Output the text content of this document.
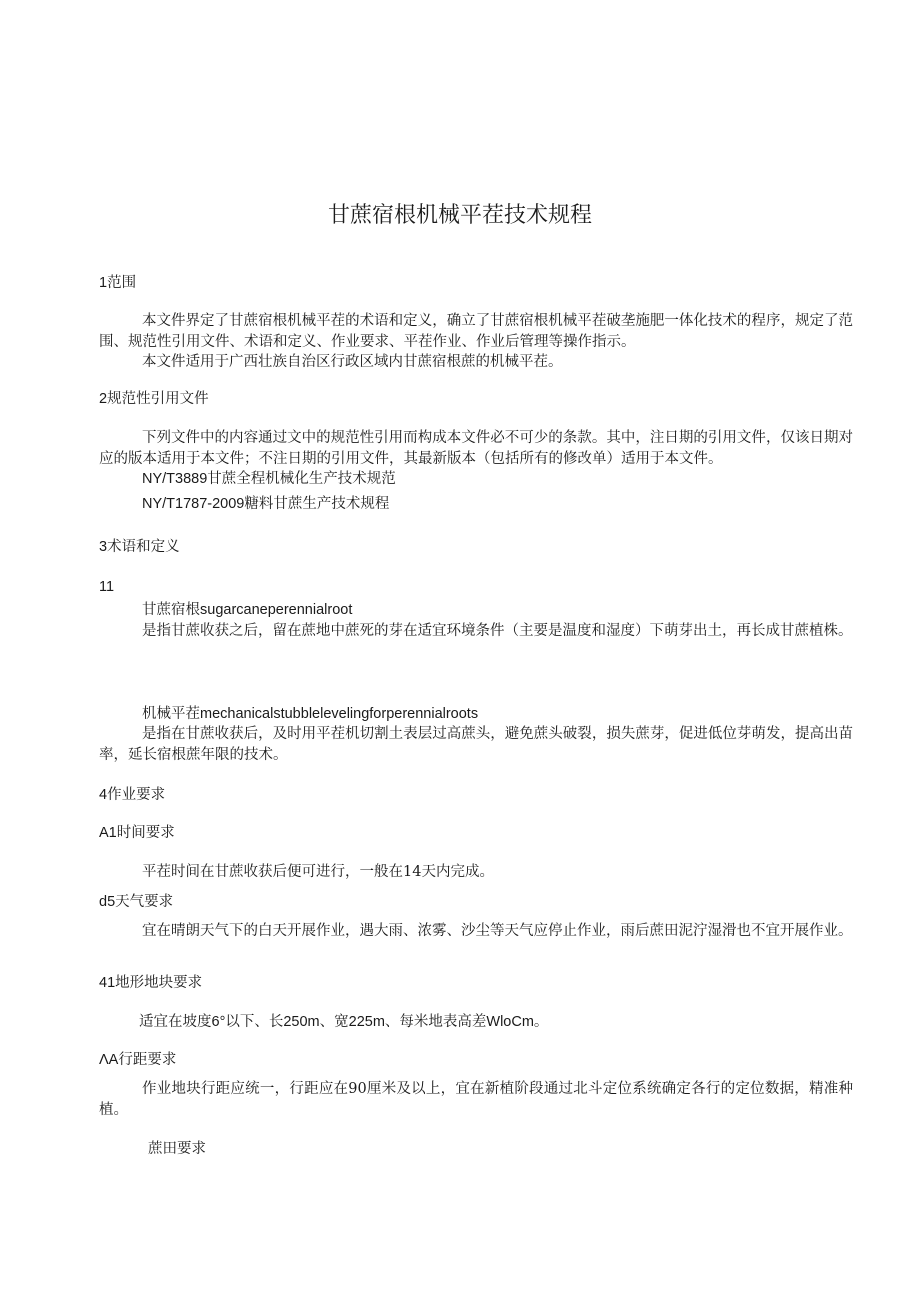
甘蔗宿根机械平茬技术规程
1范围
本文件界定了甘蔗宿根机械平茬的术语和定义，确立了甘蔗宿根机械平茬破垄施肥一体化技术的程序，规定了范围、规范性引用文件、术语和定义、作业要求、平茬作业、作业后管理等操作指示。
本文件适用于广西壮族自治区行政区域内甘蔗宿根蔗的机械平茬。
2规范性引用文件
下列文件中的内容通过文中的规范性引用而构成本文件必不可少的条款。其中，注日期的引用文件，仅该日期对应的版本适用于本文件；不注日期的引用文件，其最新版本（包括所有的修改单）适用于本文件。
NY/T3889甘蔗全程机械化生产技术规范
NY/T1787-2009糖料甘蔗生产技术规程
3术语和定义
11
甘蔗宿根sugarcaneperennialroot
是指甘蔗收获之后，留在蔗地中蔗死的芽在适宜环境条件（主要是温度和湿度）下萌芽出土，再长成甘蔗植株。
机械平茬mechanicalstubblelevelingforperennialroots
是指在甘蔗收获后，及时用平茬机切割土表层过高蔗头，避免蔗头破裂，损失蔗芽，促进低位芽萌发，提高出苗率，延长宿根蔗年限的技术。
4作业要求
A1时间要求
平茬时间在甘蔗收获后便可进行，一般在14天内完成。
d5天气要求
宜在晴朗天气下的白天开展作业，遇大雨、浓雾、沙尘等天气应停止作业，雨后蔗田泥泞湿滑也不宜开展作业。
41地形地块要求
适宜在坡度6°以下、长250m、宽225m、每米地表高差WloCm。
ΛA行距要求
作业地块行距应统一，行距应在90厘米及以上，宜在新植阶段通过北斗定位系统确定各行的定位数据，精准种植。
蔗田要求
